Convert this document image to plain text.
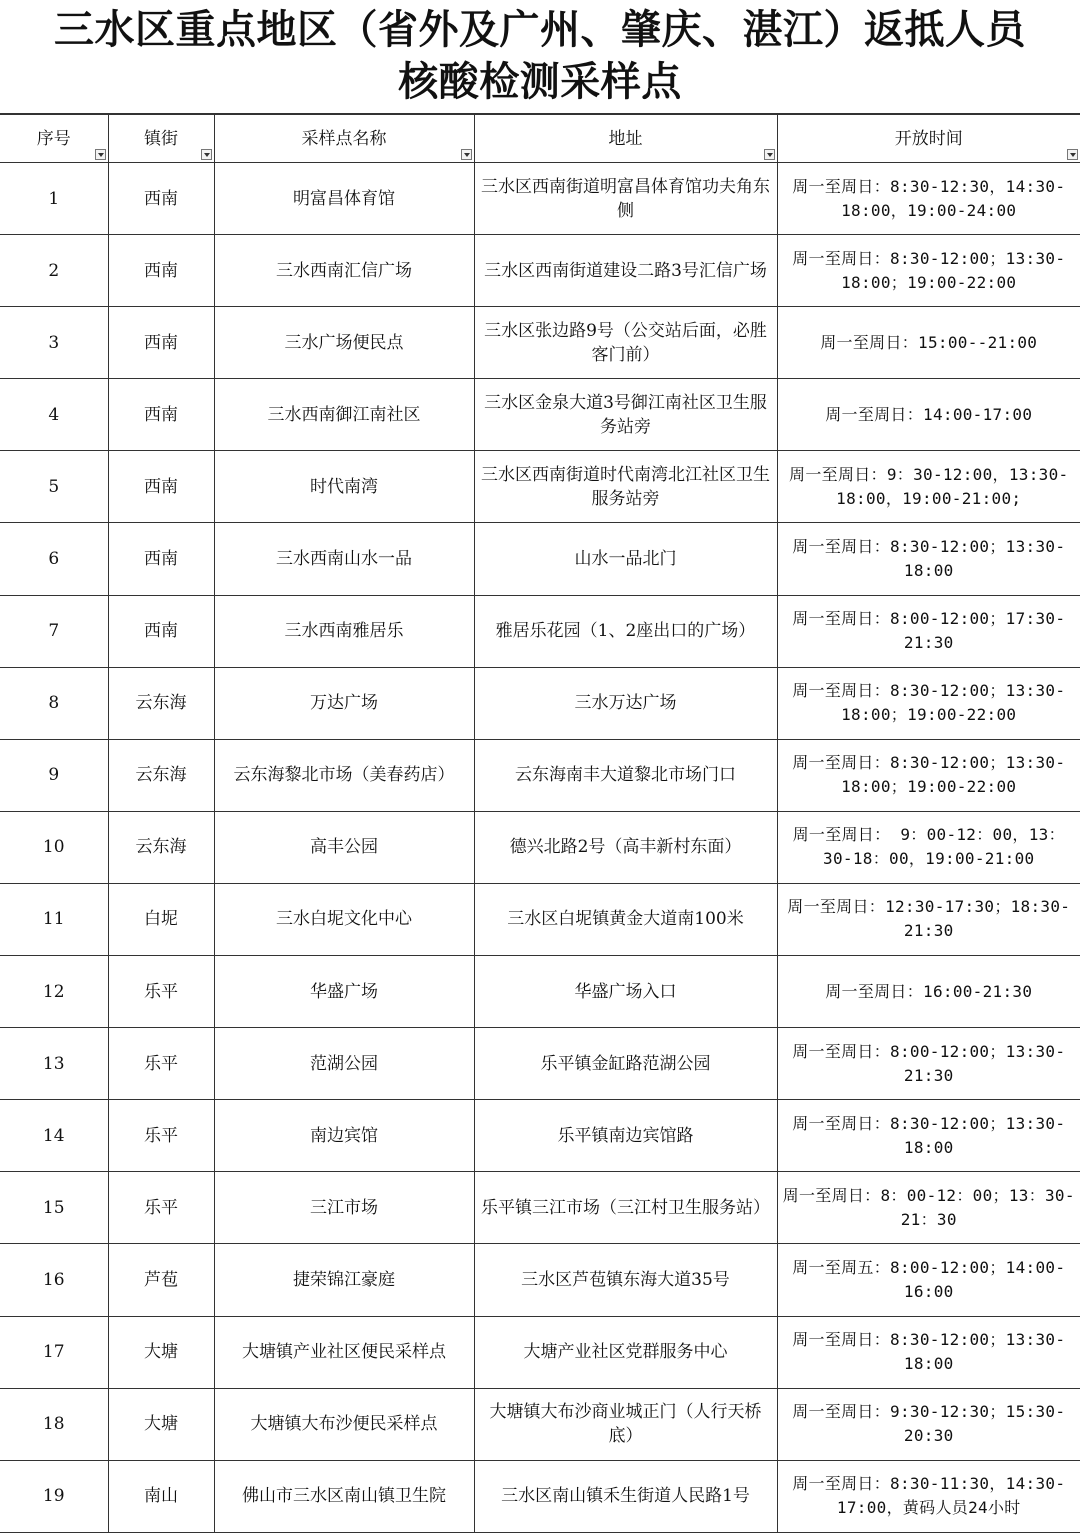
三水区重点地区（省外及广州、肇庆、湛江）返抵人员
核酸检测采样点
序号	镇街	采样点名称	地址	开放时间

1	西南	明富昌体育馆	三水区西南街道明富昌体育馆功夫角东侧	周一至周日：8:30-12:30，14:30-18:00，19:00-24:00
2	西南	三水西南汇信广场	三水区西南街道建设二路3号汇信广场	周一至周日：8:30-12:00；13:30-18:00；19:00-22:00
3	西南	三水广场便民点	三水区张边路9号（公交站后面，必胜客门前）	周一至周日：15:00--21:00
4	西南	三水西南御江南社区	三水区金泉大道3号御江南社区卫生服务站旁	周一至周日：14:00-17:00
5	西南	时代南湾	三水区西南街道时代南湾北江社区卫生服务站旁	周一至周日：9：30-12:00，13:30-18:00，19:00-21:00;
6	西南	三水西南山水一品	山水一品北门	周一至周日：8:30-12:00；13:30-18:00
7	西南	三水西南雅居乐	雅居乐花园（1、2座出口的广场）	周一至周日：8:00-12:00；17:30-21:30
8	云东海	万达广场	三水万达广场	周一至周日：8:30-12:00；13:30-18:00；19:00-22:00
9	云东海	云东海黎北市场（美春药店）	云东海南丰大道黎北市场门口	周一至周日：8:30-12:00；13:30-18:00；19:00-22:00
10	云东海	高丰公园	德兴北路2号（高丰新村东面）	周一至周日： 9：00-12：00，13：30-18：00，19:00-21:00
11	白坭	三水白坭文化中心	三水区白坭镇黄金大道南100米	周一至周日：12:30-17:30；18:30-21:30
12	乐平	华盛广场	华盛广场入口	周一至周日：16:00-21:30
13	乐平	范湖公园	乐平镇金缸路范湖公园	周一至周日：8:00-12:00；13:30-21:30
14	乐平	南边宾馆	乐平镇南边宾馆路	周一至周日：8:30-12:00；13:30-18:00
15	乐平	三江市场	乐平镇三江市场（三江村卫生服务站）	周一至周日：8：00-12：00；13：30-21：30
16	芦苞	捷荣锦江豪庭	三水区芦苞镇东海大道35号	周一至周五：8:00-12:00；14:00-16:00
17	大塘	大塘镇产业社区便民采样点	大塘产业社区党群服务中心	周一至周日：8:30-12:00；13:30-18:00
18	大塘	大塘镇大布沙便民采样点	大塘镇大布沙商业城正门（人行天桥底）	周一至周日：9:30-12:30；15:30-20:30
19	南山	佛山市三水区南山镇卫生院	三水区南山镇禾生街道人民路1号	周一至周日：8:30-11:30，14:30-17:00，黄码人员24小时
